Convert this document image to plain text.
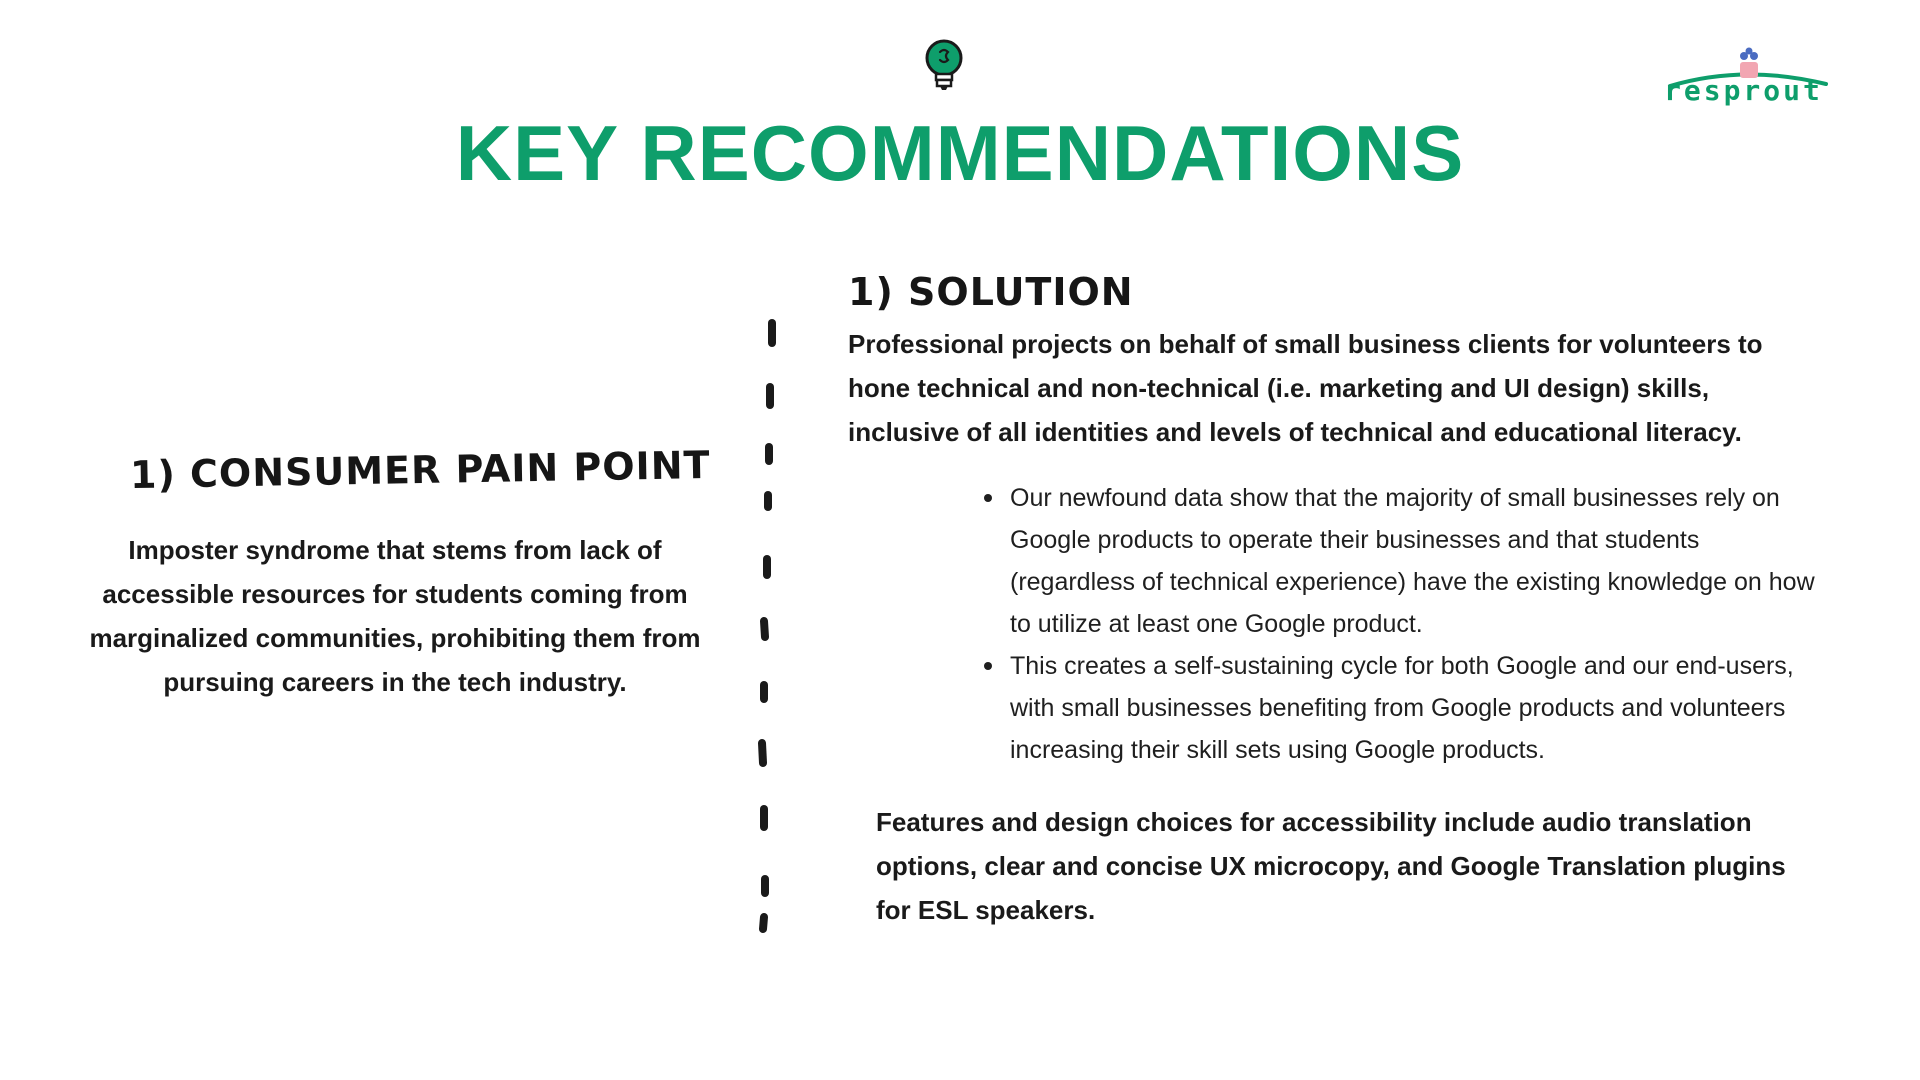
resprout
KEY RECOMMENDATIONS
1) CONSUMER PAIN POINT

Imposter syndrome that stems from lack of accessible resources for students coming from marginalized communities, prohibiting them from pursuing careers in the tech industry.

1) SOLUTION

Professional projects on behalf of small business clients for volunteers to hone technical and non-technical (i.e. marketing and UI design) skills, inclusive of all identities and levels of technical and educational literacy.

Our newfound data show that the majority of small businesses rely on Google products to operate their businesses and that students (regardless of technical experience) have the existing knowledge on how to utilize at least one Google product.
This creates a self-sustaining cycle for both Google and our end-users, with small businesses benefiting from Google products and volunteers increasing their skill sets using Google products.

Features and design choices for accessibility include audio translation options, clear and concise UX microcopy, and Google Translation plugins for ESL speakers.
